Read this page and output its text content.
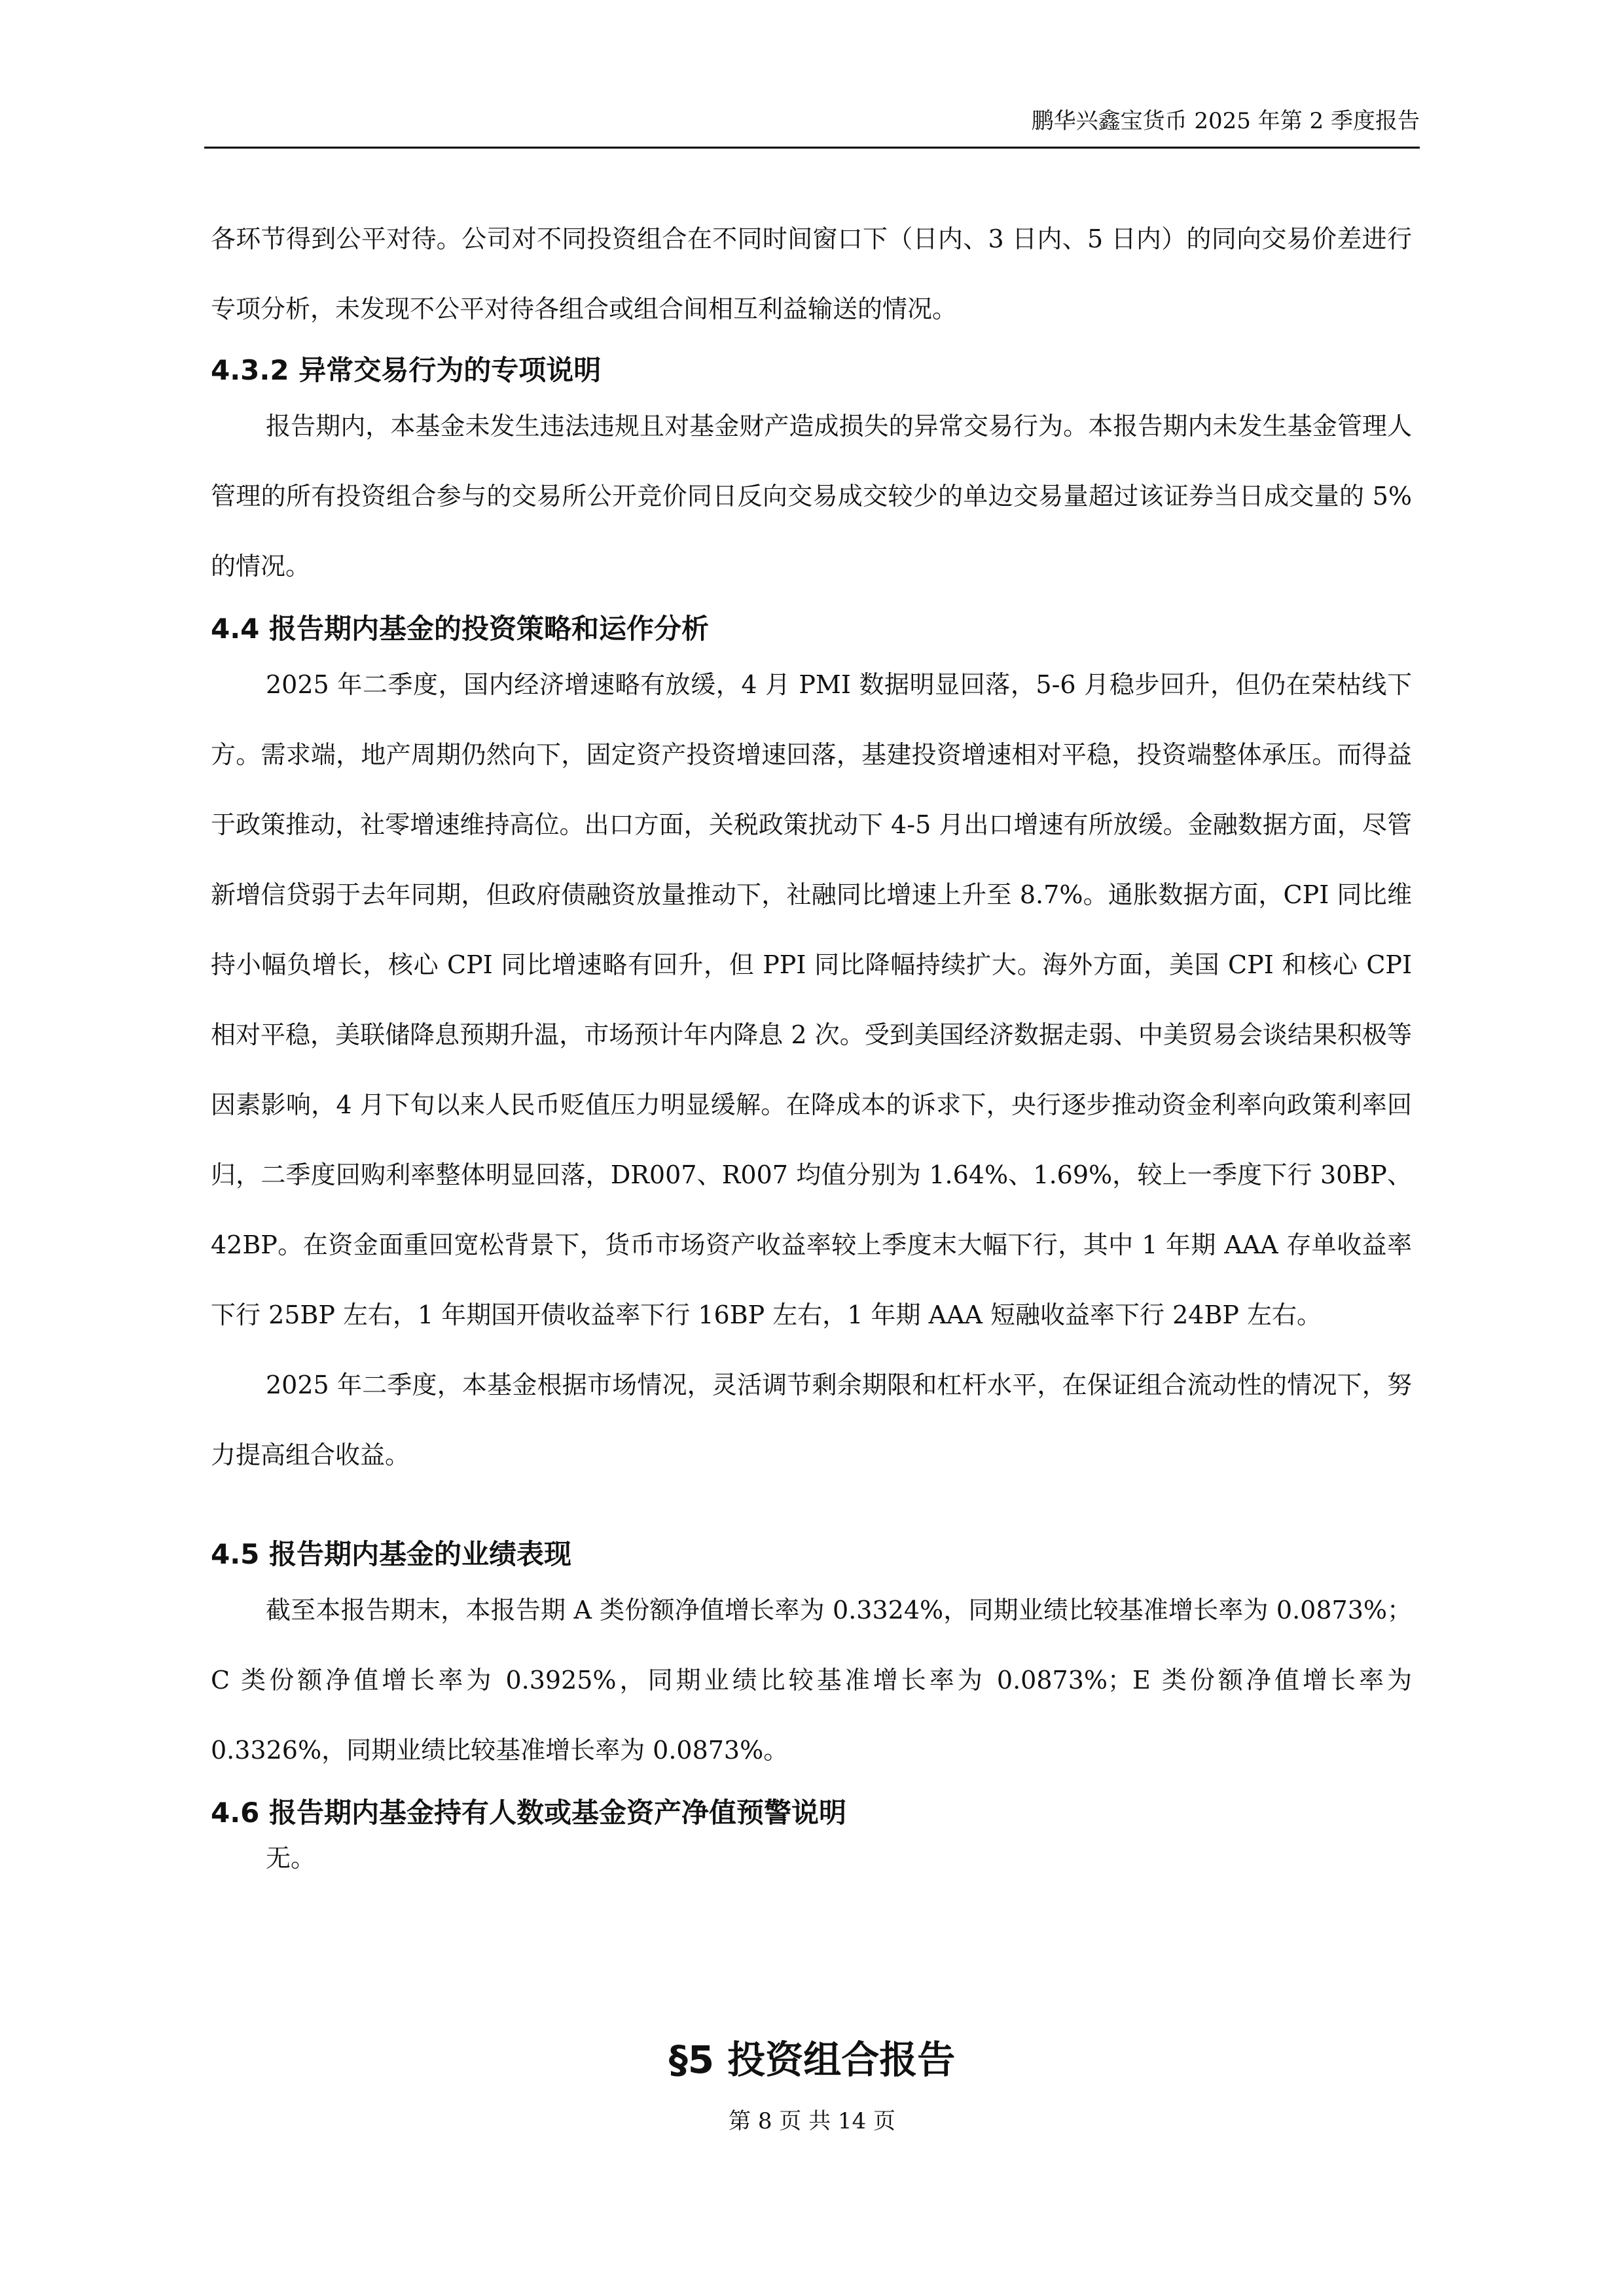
鹏华兴鑫宝货币 2025 年第 2 季度报告

各环节得到公平对待。公司对不同投资组合在不同时间窗口下（日内、3 日内、5 日内）的同向交易价差进行专项分析，未发现不公平对待各组合或组合间相互利益输送的情况。

4.3.2 异常交易行为的专项说明

报告期内，本基金未发生违法违规且对基金财产造成损失的异常交易行为。本报告期内未发生基金管理人管理的所有投资组合参与的交易所公开竞价同日反向交易成交较少的单边交易量超过该证券当日成交量的 5%的情况。

4.4 报告期内基金的投资策略和运作分析

2025 年二季度，国内经济增速略有放缓，4 月 PMI 数据明显回落，5-6 月稳步回升，但仍在荣枯线下方。需求端，地产周期仍然向下，固定资产投资增速回落，基建投资增速相对平稳，投资端整体承压。而得益于政策推动，社零增速维持高位。出口方面，关税政策扰动下 4-5 月出口增速有所放缓。金融数据方面，尽管新增信贷弱于去年同期，但政府债融资放量推动下，社融同比增速上升至 8.7%。通胀数据方面，CPI 同比维持小幅负增长，核心 CPI 同比增速略有回升，但 PPI 同比降幅持续扩大。海外方面，美国 CPI 和核心 CPI 相对平稳，美联储降息预期升温，市场预计年内降息 2 次。受到美国经济数据走弱、中美贸易会谈结果积极等因素影响，4 月下旬以来人民币贬值压力明显缓解。在降成本的诉求下，央行逐步推动资金利率向政策利率回归，二季度回购利率整体明显回落，DR007、R007 均值分别为 1.64%、1.69%，较上一季度下行 30BP、42BP。在资金面重回宽松背景下，货币市场资产收益率较上季度末大幅下行，其中 1 年期 AAA 存单收益率下行 25BP 左右，1 年期国开债收益率下行 16BP 左右，1 年期 AAA 短融收益率下行 24BP 左右。

2025 年二季度，本基金根据市场情况，灵活调节剩余期限和杠杆水平，在保证组合流动性的情况下，努力提高组合收益。

4.5 报告期内基金的业绩表现

截至本报告期末，本报告期 A 类份额净值增长率为 0.3324%，同期业绩比较基准增长率为 0.0873%；C 类份额净值增长率为 0.3925%，同期业绩比较基准增长率为 0.0873%；E 类份额净值增长率为 0.3326%，同期业绩比较基准增长率为 0.0873%。

4.6 报告期内基金持有人数或基金资产净值预警说明

无。

§5 投资组合报告
第 8 页 共 14 页
